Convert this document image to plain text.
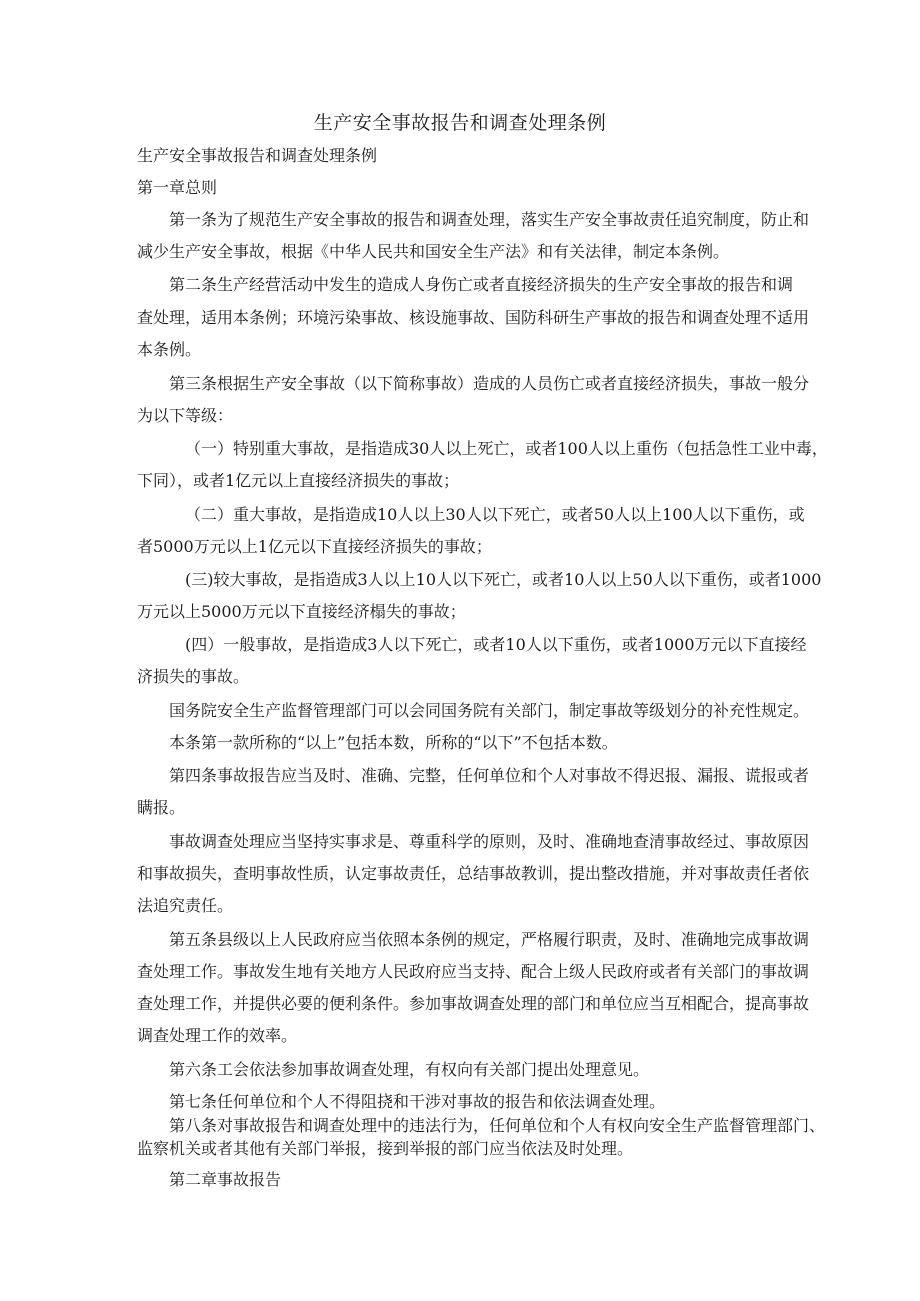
生产安全事故报告和调查处理条例

生产安全事故报告和调查处理条例

第一章总则

第一条为了规范生产安全事故的报告和调查处理，落实生产安全事故责任追究制度，防止和

减少生产安全事故，根据《中华人民共和国安全生产法》和有关法律，制定本条例。

第二条生产经营活动中发生的造成人身伤亡或者直接经济损失的生产安全事故的报告和调

查处理，适用本条例；环境污染事故、核设施事故、国防科研生产事故的报告和调查处理不适用

本条例。

第三条根据生产安全事故（以下简称事故）造成的人员伤亡或者直接经济损失，事故一般分

为以下等级：

（一）特别重大事故，是指造成30人以上死亡，或者100人以上重伤（包括急性工业中毒，

下同），或者1亿元以上直接经济损失的事故；

（二）重大事故，是指造成10人以上30人以下死亡，或者50人以上100人以下重伤，或

者5000万元以上1亿元以下直接经济损失的事故；

(三)较大事故，是指造成3人以上10人以下死亡，或者10人以上50人以下重伤，或者1000

万元以上5000万元以下直接经济榻失的事故；

(四）一般事故，是指造成3人以下死亡，或者10人以下重伤，或者1000万元以下直接经

济损失的事故。

国务院安全生产监督管理部门可以会同国务院有关部门，制定事故等级划分的补充性规定。

本条第一款所称的“以上”包括本数，所称的“以下”不包括本数。

第四条事故报告应当及时、准确、完整，任何单位和个人对事故不得迟报、漏报、谎报或者

瞒报。

事故调查处理应当坚持实事求是、尊重科学的原则，及时、准确地查清事故经过、事故原因

和事故损失，查明事故性质，认定事故责任，总结事故教训，提出整改措施，并对事故责任者依

法追究责任。

第五条县级以上人民政府应当依照本条例的规定，严格履行职责，及时、准确地完成事故调

查处理工作。事故发生地有关地方人民政府应当支持、配合上级人民政府或者有关部门的事故调

查处理工作，并提供必要的便利条件。参加事故调查处理的部门和单位应当互相配合，提高事故

调查处理工作的效率。

第六条工会依法参加事故调查处理，有权向有关部门提出处理意见。

第七条任何单位和个人不得阻挠和干涉对事故的报告和依法调查处理。

第八条对事故报告和调查处理中的违法行为，任何单位和个人有权向安全生产监督管理部门、

监察机关或者其他有关部门举报，接到举报的部门应当依法及时处理。

第二章事故报告
